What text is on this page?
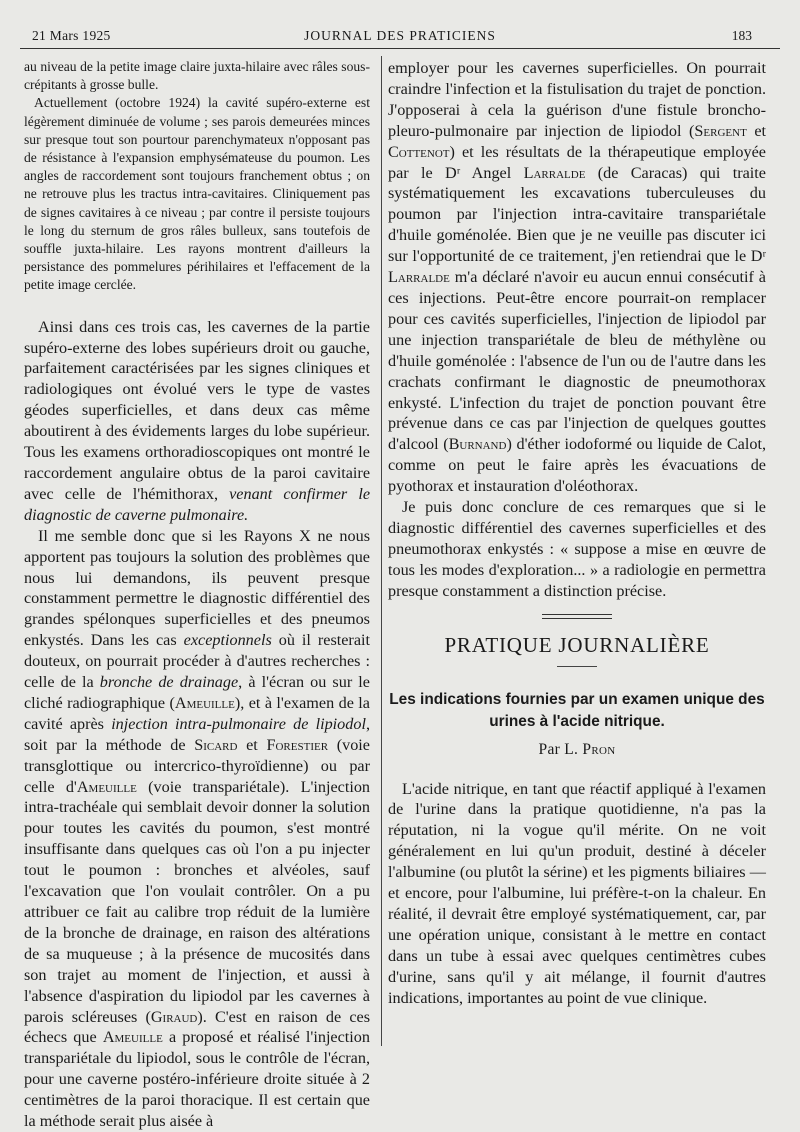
21 Mars 1925	JOURNAL DES PRATICIENS	183

au niveau de la petite image claire juxta-hilaire avec râles sous-crépitants à grosse bulle.

Actuellement (octobre 1924) la cavité supéro-externe est légèrement diminuée de volume ; ses parois demeurées minces sur presque tout son pourtour parenchymateux n'opposant pas de résistance à l'expansion emphysémateuse du poumon. Les angles de raccordement sont toujours franchement obtus ; on ne retrouve plus les tractus intra-cavitaires. Cliniquement pas de signes cavitaires à ce niveau ; par contre il persiste toujours le long du sternum de gros râles bulleux, sans toutefois de souffle juxta-hilaire. Les rayons montrent d'ailleurs la persistance des pommelures périhilaires et l'effacement de la petite image cerclée.

Ainsi dans ces trois cas, les cavernes de la partie supéro-externe des lobes supérieurs droit ou gauche, parfaitement caractérisées par les signes cliniques et radiologiques ont évolué vers le type de vastes géodes superficielles, et dans deux cas même aboutirent à des évidements larges du lobe supérieur. Tous les examens orthoradioscopiques ont montré le raccordement angulaire obtus de la paroi cavitaire avec celle de l'hémithorax, venant confirmer le diagnostic de caverne pulmonaire.

Il me semble donc que si les Rayons X ne nous apportent pas toujours la solution des problèmes que nous lui demandons, ils peuvent presque constamment permettre le diagnostic différentiel des grandes spélonques superficielles et des pneumos enkystés. Dans les cas exceptionnels où il resterait douteux, on pourrait procéder à d'autres recherches : celle de la bronche de drainage, à l'écran ou sur le cliché radiographique (Ameuille), et à l'examen de la cavité après injection intra-pulmonaire de lipiodol, soit par la méthode de Sicard et Forestier (voie transglottique ou intercrico-thyroïdienne) ou par celle d'Ameuille (voie transpariétale). L'injection intra-trachéale qui semblait devoir donner la solution pour toutes les cavités du poumon, s'est montré insuffisante dans quelques cas où l'on a pu injecter tout le poumon : bronches et alvéoles, sauf l'excavation que l'on voulait contrôler. On a pu attribuer ce fait au calibre trop réduit de la lumière de la bronche de drainage, en raison des altérations de sa muqueuse ; à la présence de mucosités dans son trajet au moment de l'injection, et aussi à l'absence d'aspiration du lipiodol par les cavernes à parois scléreuses (Giraud). C'est en raison de ces échecs que Ameuille a proposé et réalisé l'injection transpariétale du lipiodol, sous le contrôle de l'écran, pour une caverne postéro-inférieure droite située à 2 centimètres de la paroi thoracique. Il est certain que la méthode serait plus aisée à

employer pour les cavernes superficielles. On pourrait craindre l'infection et la fistulisation du trajet de ponction. J'opposerai à cela la guérison d'une fistule broncho-pleuro-pulmonaire par injection de lipiodol (Sergent et Cottenot) et les résultats de la thérapeutique employée par le Dʳ Angel Larralde (de Caracas) qui traite systématiquement les excavations tuberculeuses du poumon par l'injection intra-cavitaire transpariétale d'huile goménolée. Bien que je ne veuille pas discuter ici sur l'opportunité de ce traitement, j'en retiendrai que le Dʳ Larralde m'a déclaré n'avoir eu aucun ennui consécutif à ces injections. Peut-être encore pourrait-on remplacer pour ces cavités superficielles, l'injection de lipiodol par une injection transpariétale de bleu de méthylène ou d'huile goménolée : l'absence de l'un ou de l'autre dans les crachats confirmant le diagnostic de pneumothorax enkysté. L'infection du trajet de ponction pouvant être prévenue dans ce cas par l'injection de quelques gouttes d'alcool (Burnand) d'éther iodoformé ou liquide de Calot, comme on peut le faire après les évacuations de pyothorax et instauration d'oléothorax.

Je puis donc conclure de ces remarques que si le diagnostic différentiel des cavernes superficielles et des pneumothorax enkystés : « suppose a mise en œuvre de tous les modes d'exploration... » a radiologie en permettra presque constamment a distinction précise.

PRATIQUE JOURNALIÈRE
Les indications fournies par un examen unique des urines à l'acide nitrique.
Par L. Pron

L'acide nitrique, en tant que réactif appliqué à l'examen de l'urine dans la pratique quotidienne, n'a pas la réputation, ni la vogue qu'il mérite. On ne voit généralement en lui qu'un produit, destiné à déceler l'albumine (ou plutôt la sérine) et les pigments biliaires — et encore, pour l'albumine, lui préfère-t-on la chaleur. En réalité, il devrait être employé systématiquement, car, par une opération unique, consistant à le mettre en contact dans un tube à essai avec quelques centimètres cubes d'urine, sans qu'il y ait mélange, il fournit d'autres indications, importantes au point de vue clinique.
